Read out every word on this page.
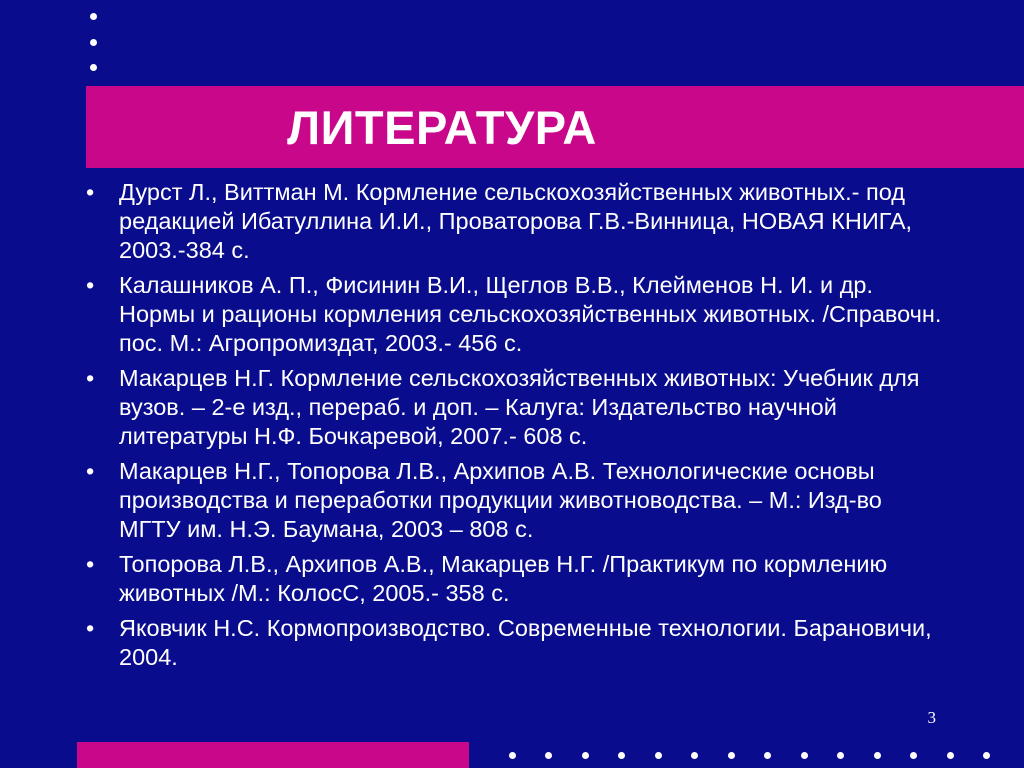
ЛИТЕРАТУРА
•	Дурст Л., Виттман М. Кормление сельскохозяйственных животных.- под редакцией Ибатуллина И.И., Проваторова Г.В.-Винница, НОВАЯ КНИГА, 2003.-384 с.
•	Калашников А. П., Фисинин В.И., Щеглов В.В., Клейменов Н. И. и др. Нормы и рационы кормления сельскохозяйственных животных. /Справочн. пос. М.: Агропромиздат, 2003.- 456 с.
•	Макарцев Н.Г. Кормление сельскохозяйственных животных: Учебник для вузов. – 2-е изд., перераб. и доп. – Калуга: Издательство научной литературы Н.Ф. Бочкаревой, 2007.- 608 с.
•	Макарцев Н.Г., Топорова Л.В., Архипов А.В. Технологические основы производства и переработки продукции животноводства. – М.: Изд-во МГТУ им. Н.Э. Баумана, 2003 – 808 с.
•	Топорова Л.В., Архипов А.В., Макарцев Н.Г. /Практикум по кормлению животных /М.: КолосС, 2005.- 358 с.
•	Яковчик Н.С. Кормопроизводство. Современные технологии. Барановичи, 2004.
3
